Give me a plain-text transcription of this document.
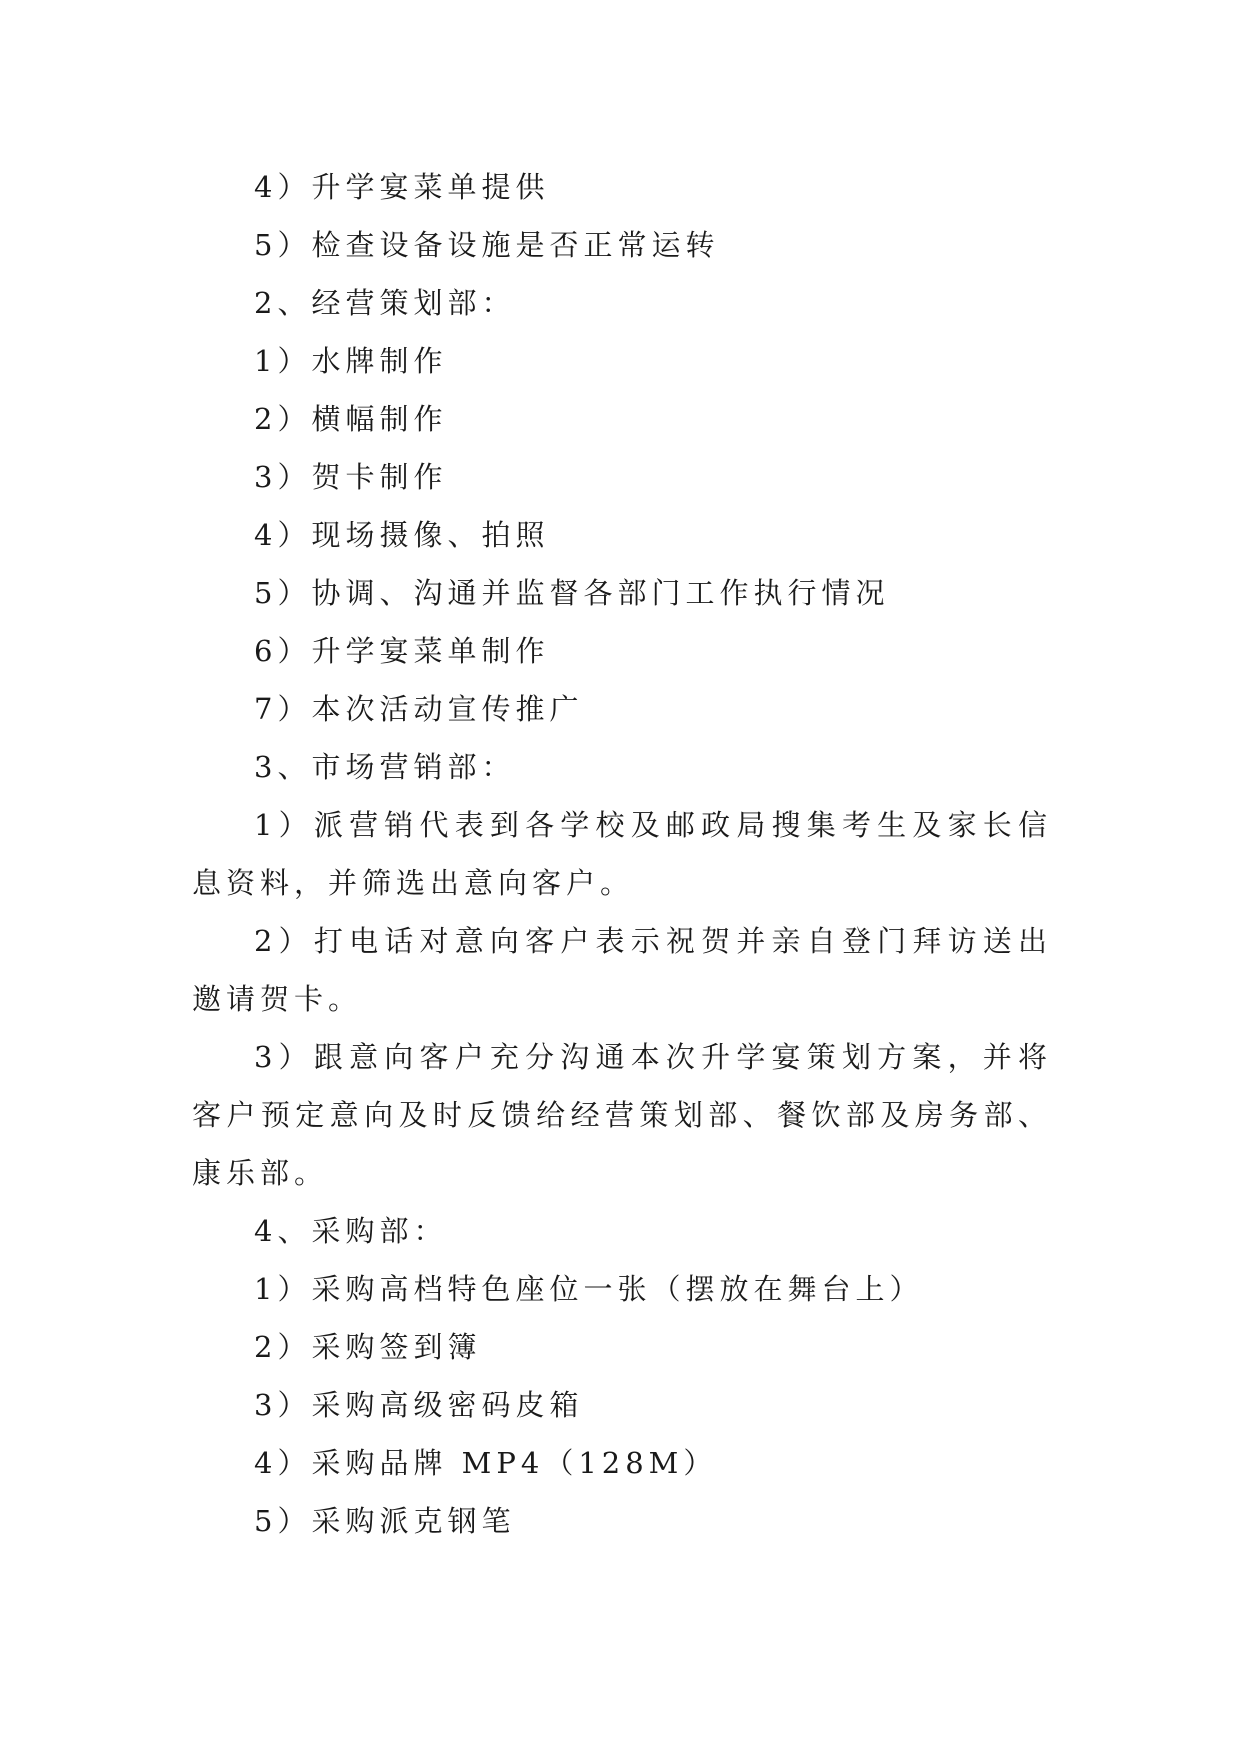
4）升学宴菜单提供
5）检查设备设施是否正常运转
2、经营策划部：
1）水牌制作
2）横幅制作
3）贺卡制作
4）现场摄像、拍照
5）协调、沟通并监督各部门工作执行情况
6）升学宴菜单制作
7）本次活动宣传推广
3、市场营销部：

1）派营销代表到各学校及邮政局搜集考生及家长信息资料，并筛选出意向客户。

2）打电话对意向客户表示祝贺并亲自登门拜访送出邀请贺卡。

3）跟意向客户充分沟通本次升学宴策划方案，并将客户预定意向及时反馈给经营策划部、餐饮部及房务部、康乐部。

4、采购部：
1）采购高档特色座位一张（摆放在舞台上）
2）采购签到簿
3）采购高级密码皮箱
4）采购品牌 MP4（128M）
5）采购派克钢笔
